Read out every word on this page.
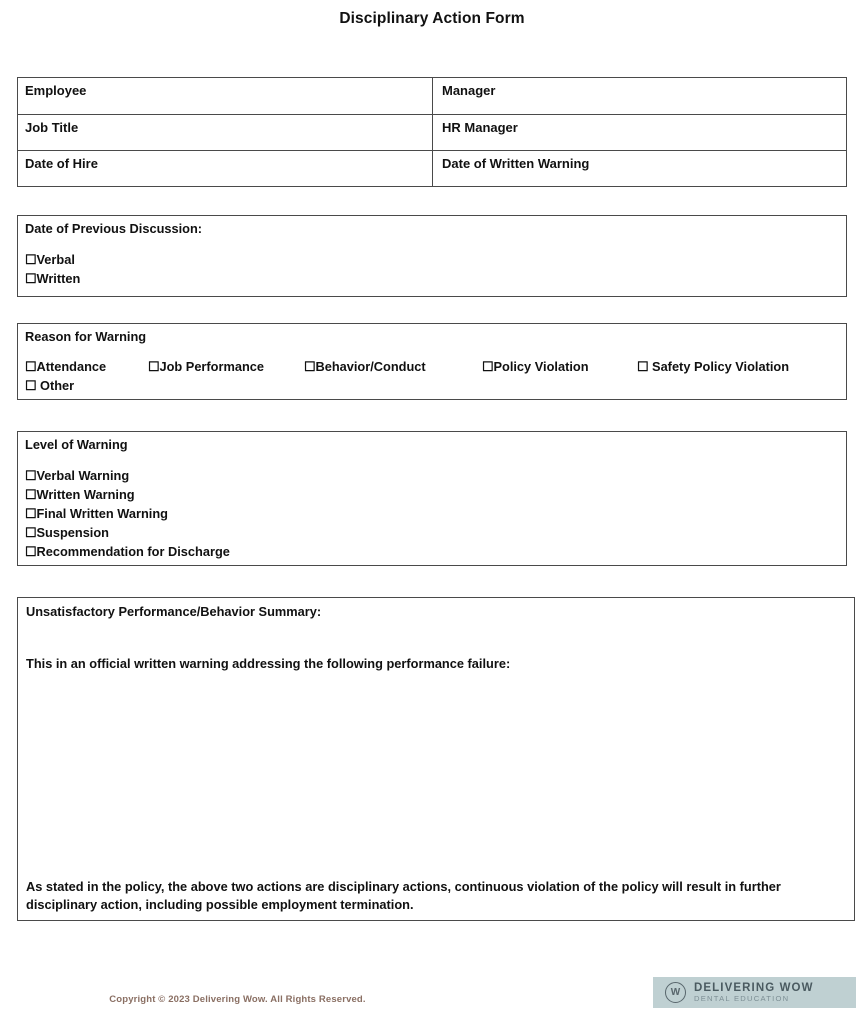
Disciplinary Action Form
Employee	Manager
Job Title	HR Manager
Date of Hire	Date of Written Warning
Date of Previous Discussion:
☐Verbal
☐Written
Reason for Warning
☐Attendance	☐Job Performance	☐Behavior/Conduct	☐Policy Violation	☐ Safety Policy Violation
☐ Other
Level of Warning
☐Verbal Warning
☐Written Warning
☐Final Written Warning
☐Suspension
☐Recommendation for Discharge
Unsatisfactory Performance/Behavior Summary:
This in an official written warning addressing the following performance failure:
As stated in the policy, the above two actions are disciplinary actions, continuous violation of the policy will result in further disciplinary action, including possible employment termination.
Copyright © 2023 Delivering Wow. All Rights Reserved.
W	DELIVERING WOW
DENTAL EDUCATION
